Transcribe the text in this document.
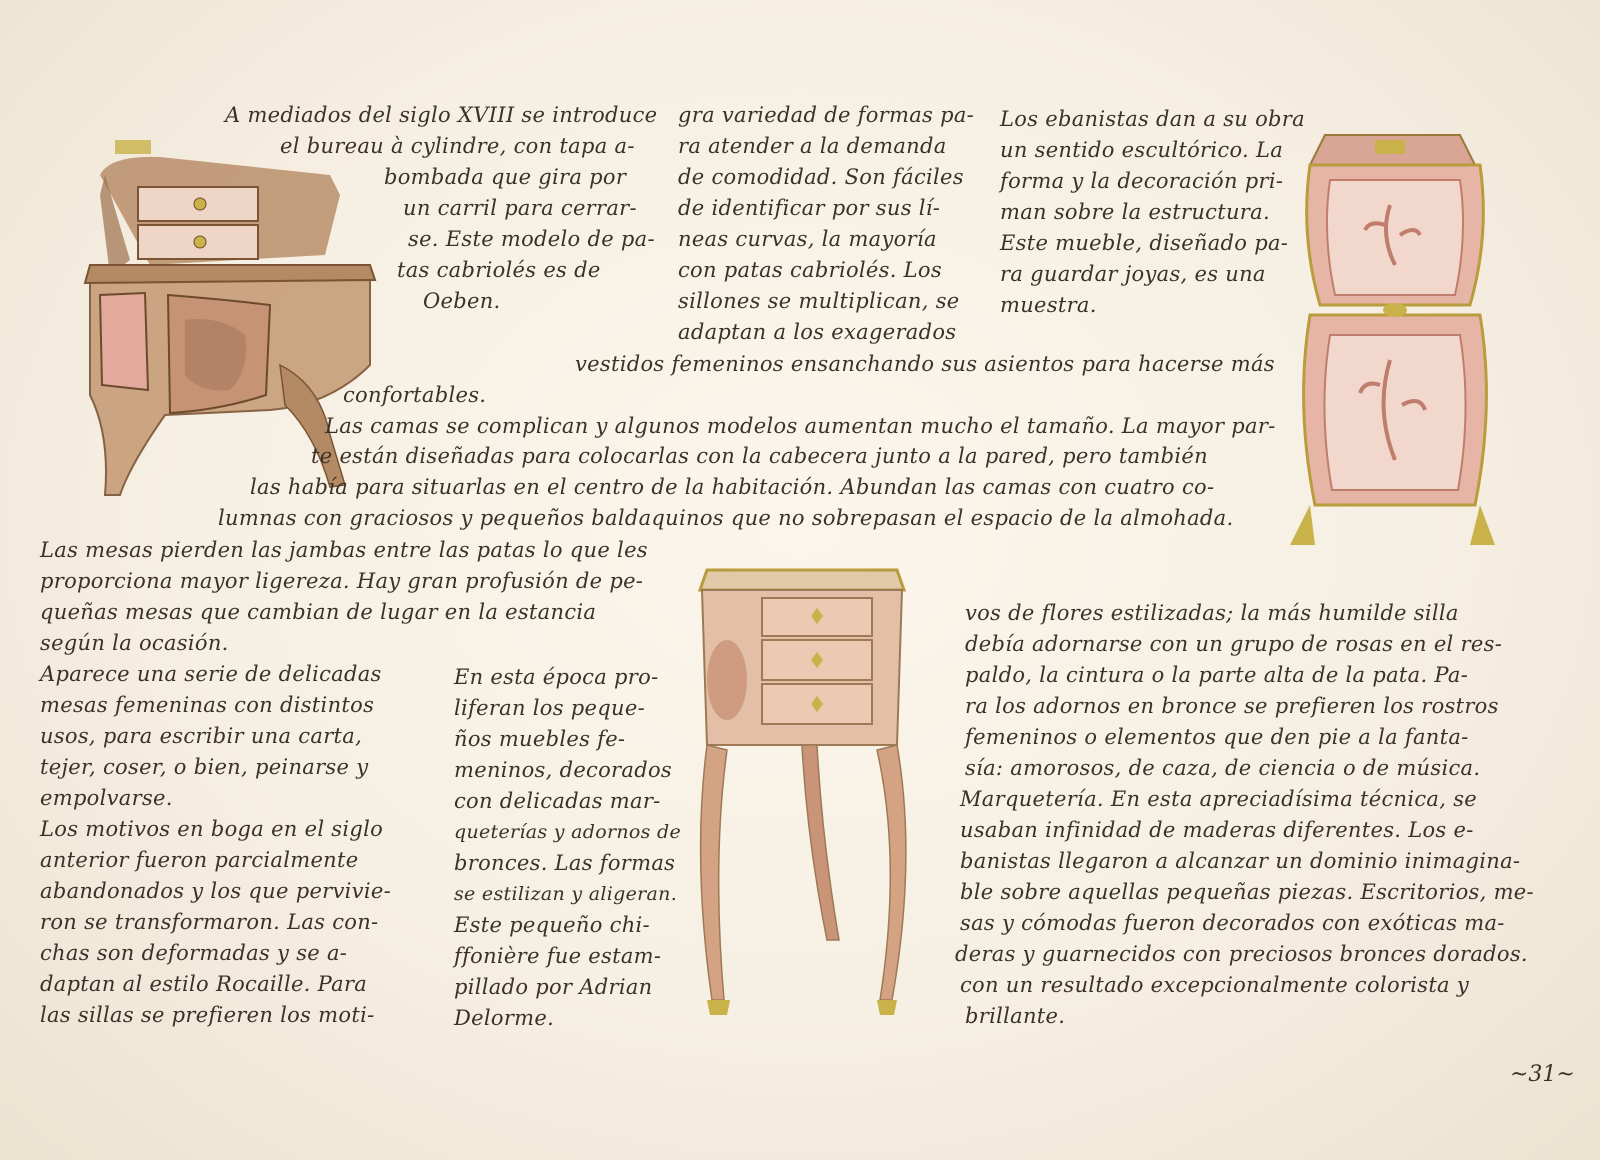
A mediados del siglo XVIII se introduce
el bureau à cylindre, con tapa a-
bombada que gira por
un carril para cerrar-
se. Este modelo de pa-
tas cabriolés es de
Oeben.
gra variedad de formas pa-
ra atender a la demanda
de comodidad. Son fáciles
de identificar por sus lí-
neas curvas, la mayoría
con patas cabriolés. Los
sillones se multiplican, se
adaptan a los exagerados
Los ebanistas dan a su obra
un sentido escultórico. La
forma y la decoración pri-
man sobre la estructura.
Este mueble, diseñado pa-
ra guardar joyas, es una
muestra.
vestidos femeninos ensanchando sus asientos para hacerse más
confortables.
Las camas se complican y algunos modelos aumentan mucho el tamaño. La mayor par-
te están diseñadas para colocarlas con la cabecera junto a la pared, pero también
las había para situarlas en el centro de la habitación. Abundan las camas con cuatro co-
lumnas con graciosos y pequeños baldaquinos que no sobrepasan el espacio de la almohada.
Las mesas pierden las jambas entre las patas lo que les
proporciona mayor ligereza. Hay gran profusión de pe-
queñas mesas que cambian de lugar en la estancia
según la ocasión.
Aparece una serie de delicadas
mesas femeninas con distintos
usos, para escribir una carta,
tejer, coser, o bien, peinarse y
empolvarse.
Los motivos en boga en el siglo
anterior fueron parcialmente
abandonados y los que pervivie-
ron se transformaron. Las con-
chas son deformadas y se a-
daptan al estilo Rocaille. Para
las sillas se prefieren los moti-
En esta época pro-
liferan los peque-
ños muebles fe-
meninos, decorados
con delicadas mar-
queterías y adornos de
bronces. Las formas
se estilizan y aligeran.
Este pequeño chi-
ffonière fue estam-
pillado por Adrian
Delorme.
vos de flores estilizadas; la más humilde silla
debía adornarse con un grupo de rosas en el res-
paldo, la cintura o la parte alta de la pata. Pa-
ra los adornos en bronce se prefieren los rostros
femeninos o elementos que den pie a la fanta-
sía: amorosos, de caza, de ciencia o de música.
Marquetería. En esta apreciadísima técnica, se
usaban infinidad de maderas diferentes. Los e-
banistas llegaron a alcanzar un dominio inimagina-
ble sobre aquellas pequeñas piezas. Escritorios, me-
sas y cómodas fueron decorados con exóticas ma-
deras y guarnecidos con preciosos bronces dorados.
con un resultado excepcionalmente colorista y
brillante.
~31~
